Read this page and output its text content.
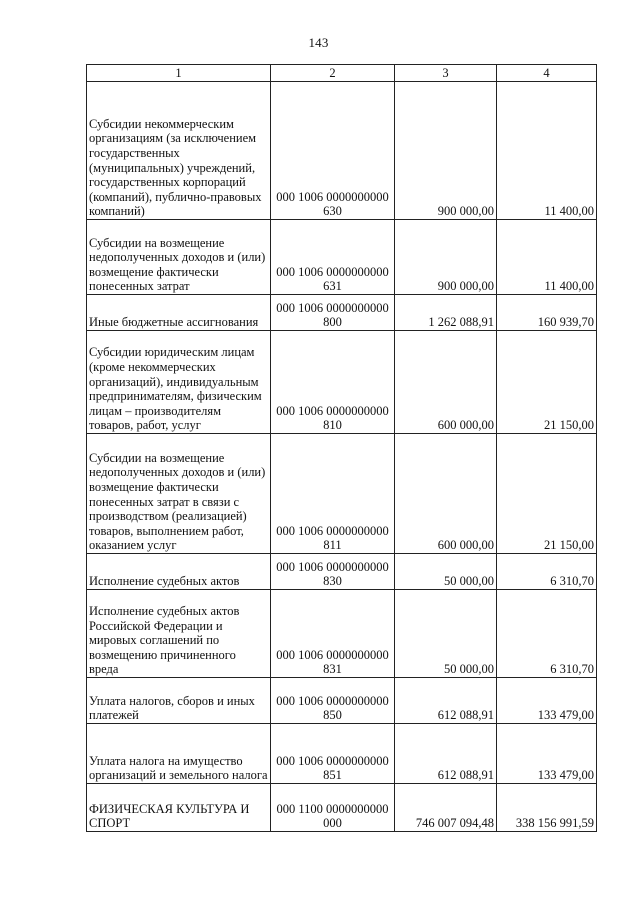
143
1	2	3	4
Субсидии некоммерческим организациям (за исключением государственных (муниципальных) учреждений, государственных корпораций (компаний), публично-правовых компаний)	000 1006 0000000000 630	900 000,00	11 400,00
Субсидии на возмещение недополученных доходов и (или) возмещение фактически понесенных затрат	000 1006 0000000000 631	900 000,00	11 400,00
Иные бюджетные ассигнования	000 1006 0000000000 800	1 262 088,91	160 939,70
Субсидии юридическим лицам (кроме некоммерческих организаций), индивидуальным предпринимателям, физическим лицам – производителям товаров, работ, услуг	000 1006 0000000000 810	600 000,00	21 150,00
Субсидии на возмещение недополученных доходов и (или) возмещение фактически понесенных затрат в связи с производством (реализацией) товаров, выполнением работ, оказанием услуг	000 1006 0000000000 811	600 000,00	21 150,00
Исполнение судебных актов	000 1006 0000000000 830	50 000,00	6 310,70
Исполнение судебных актов Российской Федерации и мировых соглашений по возмещению причиненного вреда	000 1006 0000000000 831	50 000,00	6 310,70
Уплата налогов, сборов и иных платежей	000 1006 0000000000 850	612 088,91	133 479,00
Уплата налога на имущество организаций и земельного налога	000 1006 0000000000 851	612 088,91	133 479,00
ФИЗИЧЕСКАЯ КУЛЬТУРА И СПОРТ	000 1100 0000000000 000	746 007 094,48	338 156 991,59
